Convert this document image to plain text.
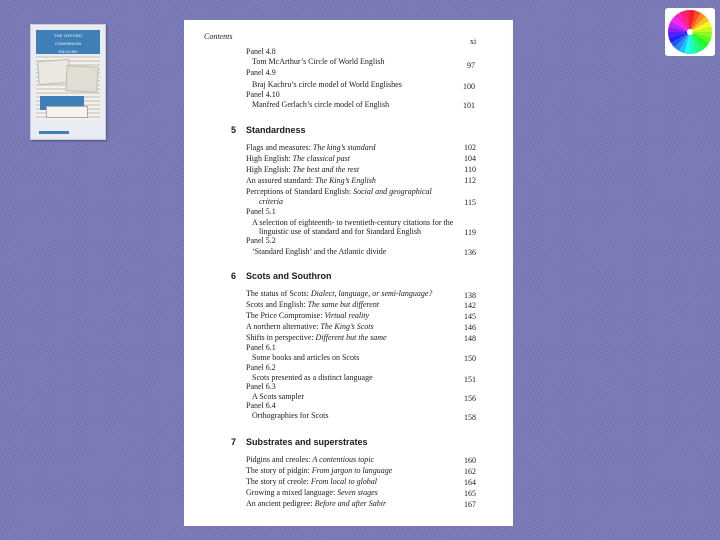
THE OXFORD
COMPANION
ENGLISH
Contents
xi
Panel 4.8
Tom McArthur’s Circle of World English	97
Panel 4.9
Braj Kachru’s circle model of World Englishes	100
Panel 4.10
Manfred Gerlach’s circle model of English	101
5 Standardness
Flags and measures: The king’s standard	102
High English: The classical past	104
High English: The best and the rest	110
An assured standard: The King’s English	112
Perceptions of Standard English: Social and geographical
criteria	115
Panel 5.1
A selection of eighteenth- to twentieth-century citations for the
linguistic use of standard and for Standard English	119
Panel 5.2
‘Standard English’ and the Atlantic divide	136
6 Scots and Southron
The status of Scots: Dialect, language, or semi-language?	138
Scots and English: The same but different	142
The Price Compromise: Virtual reality	145
A northern alternative: The King’s Scots	146
Shifts in perspective: Different but the same	148
Panel 6.1
Some books and articles on Scots	150
Panel 6.2
Scots presented as a distinct language	151
Panel 6.3
A Scots sampler	156
Panel 6.4
Orthographies for Scots	158
7 Substrates and superstrates
Pidgins and creoles: A contentious topic	160
The story of pidgin: From jargon to language	162
The story of creole: From local to global	164
Growing a mixed language: Seven stages	165
An ancient pedigree: Before and after Sabir	167
